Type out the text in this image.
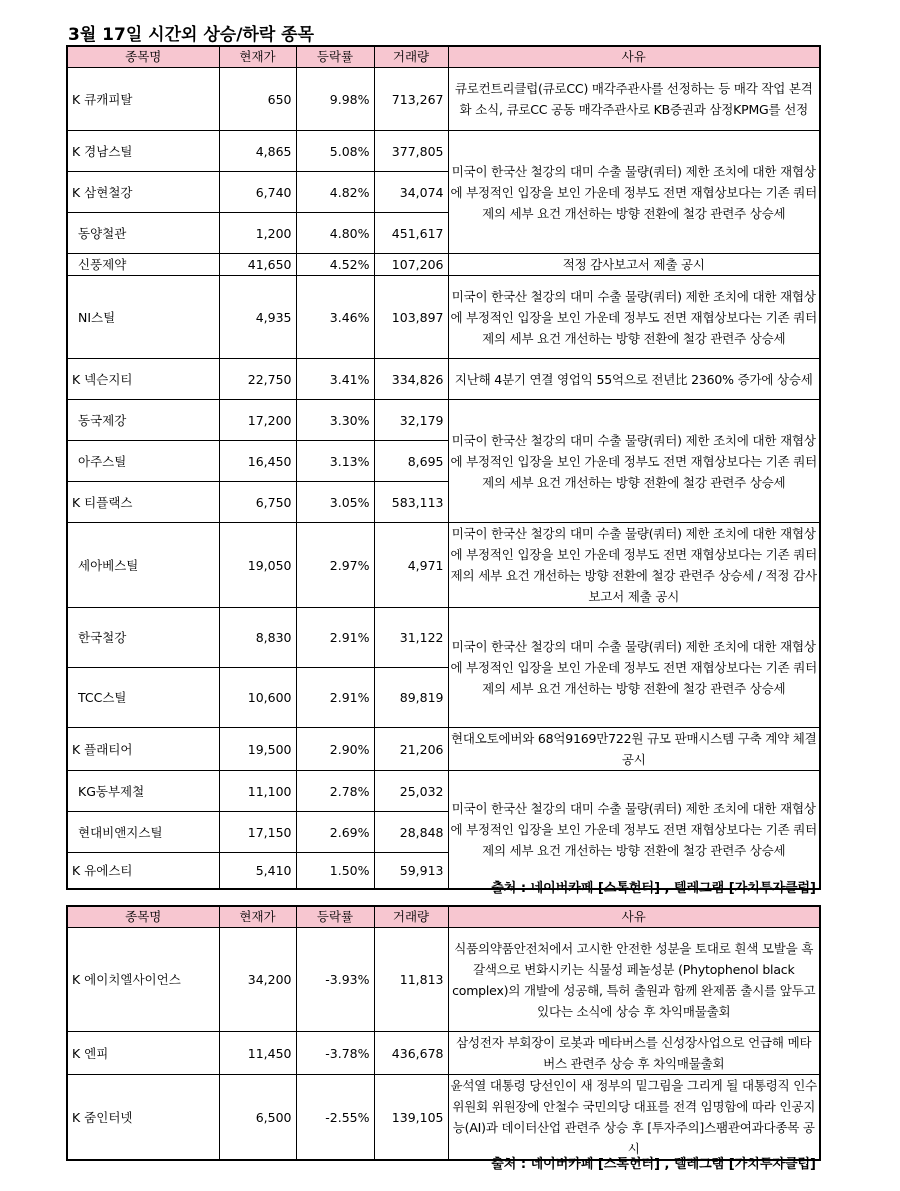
3월 17일 시간외 상승/하락 종목
종목명	현재가	등락률	거래량	사유
K 큐캐피탈	650	9.98%	713,267	큐로컨트리클럽(큐로CC) 매각주관사를 선정하는 등 매각 작업 본격화 소식, 큐로CC 공동 매각주관사로 KB증권과 삼정KPMG를 선정
K 경남스틸	4,865	5.08%	377,805	미국이 한국산 철강의 대미 수출 물량(쿼터) 제한 조치에 대한 재협상에 부정적인 입장을 보인 가운데 정부도 전면 재협상보다는 기존 쿼터제의 세부 요건 개선하는 방향 전환에 철강 관련주 상승세
K 삼현철강	6,740	4.82%	34,074	
동양철관	1,200	4.80%	451,617	
신풍제약	41,650	4.52%	107,206	적정 감사보고서 제출 공시
NI스틸	4,935	3.46%	103,897	미국이 한국산 철강의 대미 수출 물량(쿼터) 제한 조치에 대한 재협상에 부정적인 입장을 보인 가운데 정부도 전면 재협상보다는 기존 쿼터제의 세부 요건 개선하는 방향 전환에 철강 관련주 상승세
K 넥슨지티	22,750	3.41%	334,826	지난해 4분기 연결 영업익 55억으로 전년比 2360% 증가에 상승세
동국제강	17,200	3.30%	32,179	미국이 한국산 철강의 대미 수출 물량(쿼터) 제한 조치에 대한 재협상에 부정적인 입장을 보인 가운데 정부도 전면 재협상보다는 기존 쿼터제의 세부 요건 개선하는 방향 전환에 철강 관련주 상승세
아주스틸	16,450	3.13%	8,695	
K 티플랙스	6,750	3.05%	583,113	
세아베스틸	19,050	2.97%	4,971	미국이 한국산 철강의 대미 수출 물량(쿼터) 제한 조치에 대한 재협상에 부정적인 입장을 보인 가운데 정부도 전면 재협상보다는 기존 쿼터제의 세부 요건 개선하는 방향 전환에 철강 관련주 상승세 / 적정 감사보고서 제출 공시
한국철강	8,830	2.91%	31,122	미국이 한국산 철강의 대미 수출 물량(쿼터) 제한 조치에 대한 재협상에 부정적인 입장을 보인 가운데 정부도 전면 재협상보다는 기존 쿼터제의 세부 요건 개선하는 방향 전환에 철강 관련주 상승세
TCC스틸	10,600	2.91%	89,819	
K 플래티어	19,500	2.90%	21,206	현대오토에버와 68억9169만722원 규모 판매시스템 구축 계약 체결 공시
KG동부제철	11,100	2.78%	25,032	미국이 한국산 철강의 대미 수출 물량(쿼터) 제한 조치에 대한 재협상에 부정적인 입장을 보인 가운데 정부도 전면 재협상보다는 기존 쿼터제의 세부 요건 개선하는 방향 전환에 철강 관련주 상승세
현대비앤지스틸	17,150	2.69%	28,848	
K 유에스티	5,410	1.50%	59,913	
출처 : 네이버카페 [스톡헌터] , 텔레그램 [가치투자클럽]
종목명	현재가	등락률	거래량	사유
K 에이치엘사이언스	34,200	-3.93%	11,813	식품의약품안전처에서 고시한 안전한 성분을 토대로 흰색 모발을 흑갈색으로 변화시키는 식물성 페놀성분 (Phytophenol black complex)의 개발에 성공해, 특허 출원과 함께 완제품 출시를 앞두고 있다는 소식에 상승 후 차익매물출회
K 엔피	11,450	-3.78%	436,678	삼성전자 부회장이 로봇과 메타버스를 신성장사업으로 언급해 메타버스 관련주 상승 후 차익매물출회
K 줌인터넷	6,500	-2.55%	139,105	윤석열 대통령 당선인이 새 정부의 밑그림을 그리게 될 대통령직 인수위원회 위원장에 안철수 국민의당 대표를 전격 임명함에 따라 인공지능(AI)과 데이터산업 관련주 상승 후 [투자주의]스팸관여과다종목 공시
출처 : 네이버카페 [스톡헌터] , 텔레그램 [가치투자클럽]
